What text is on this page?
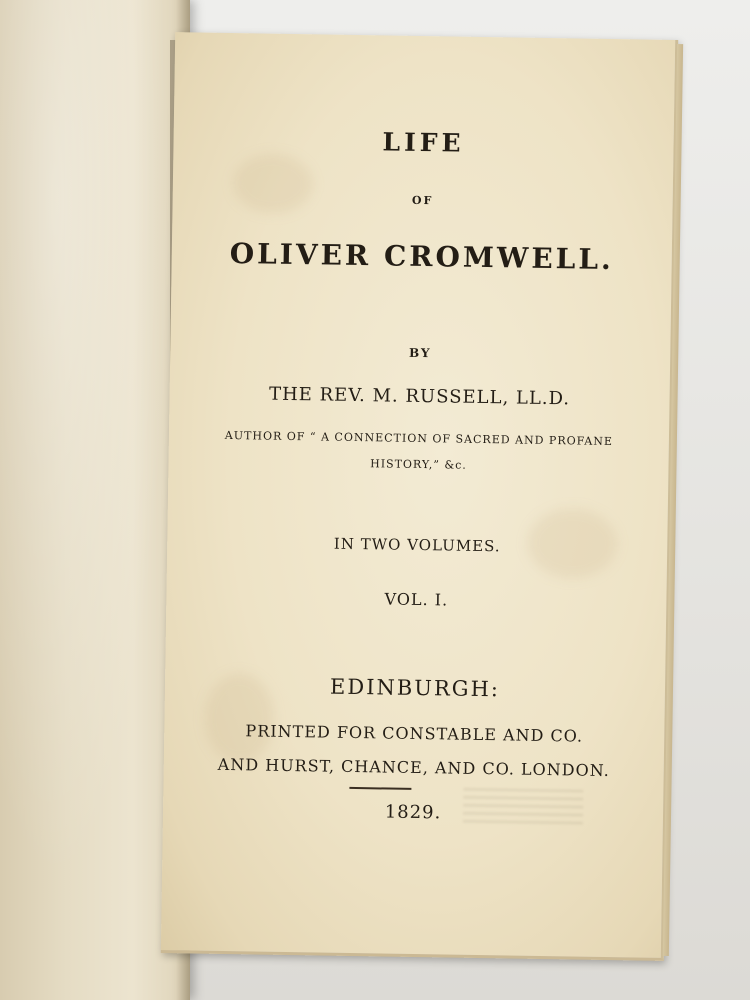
LIFE
OF
OLIVER CROMWELL.
BY
THE REV. M. RUSSELL, LL.D.
AUTHOR OF “ A CONNECTION OF SACRED AND PROFANE
HISTORY,” &c.
IN TWO VOLUMES.
VOL. I.
EDINBURGH:
PRINTED FOR CONSTABLE AND CO.
AND HURST, CHANCE, AND CO. LONDON.
1829.
